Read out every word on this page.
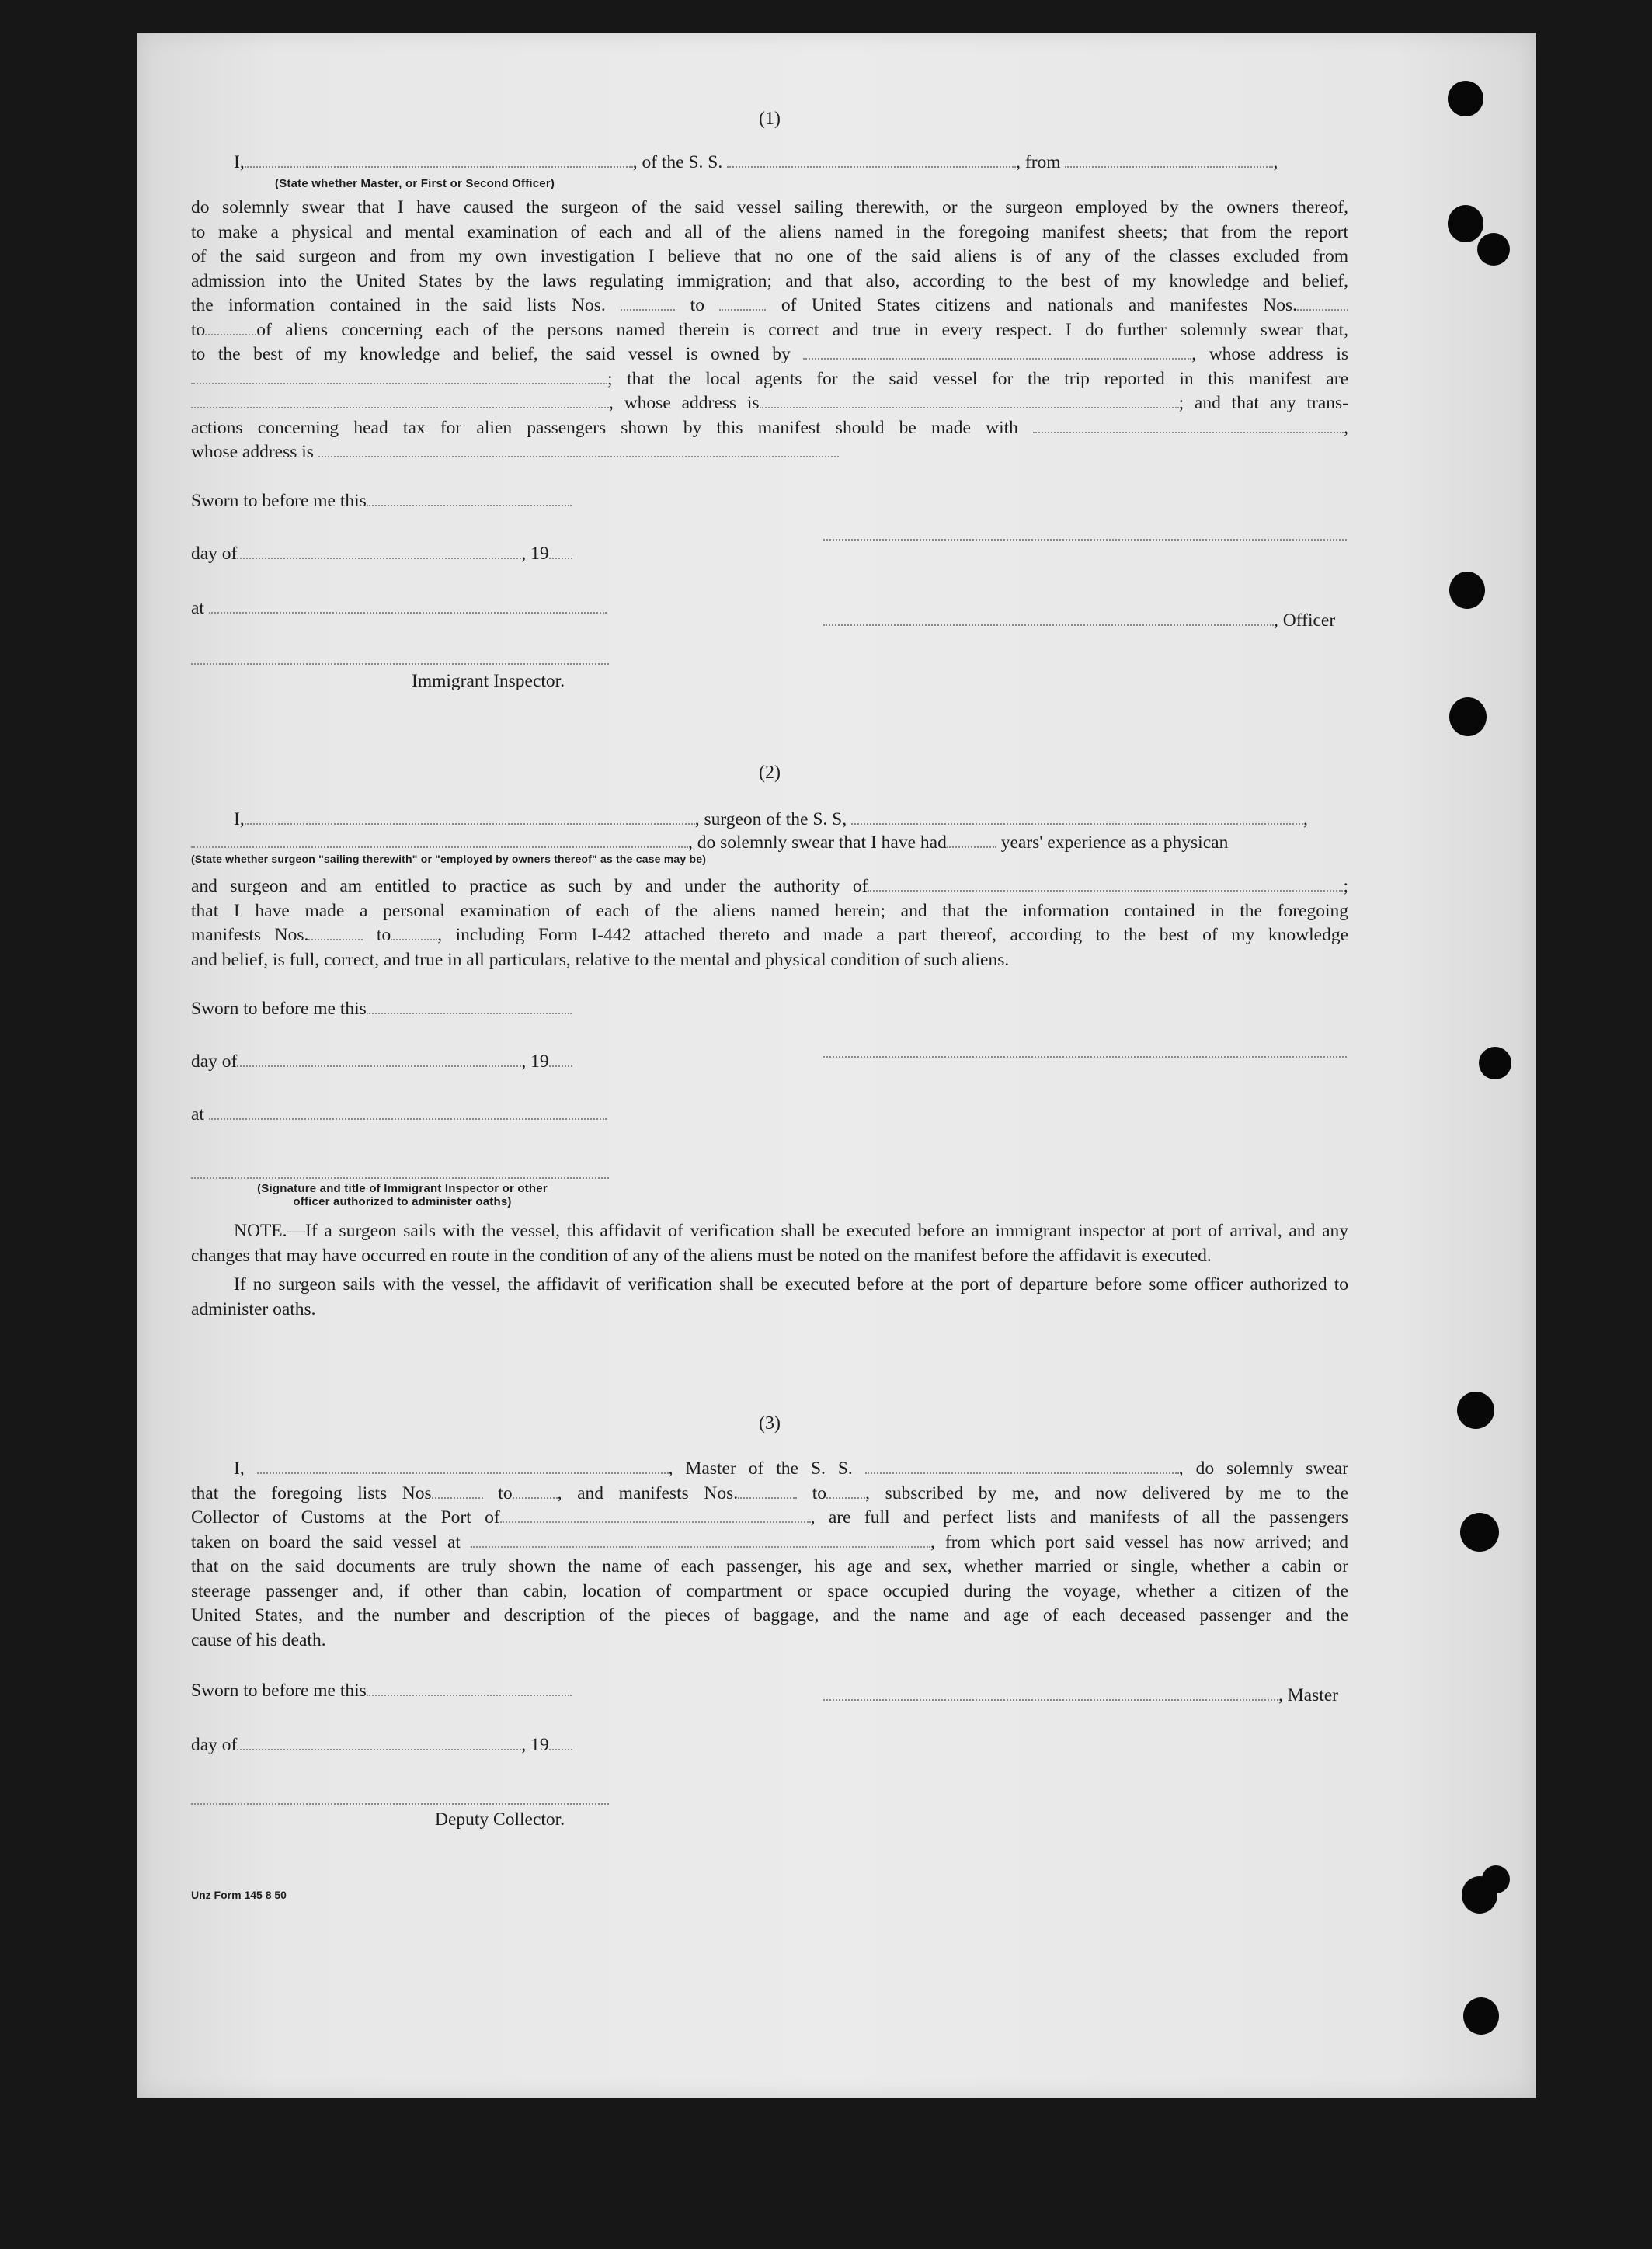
(1)
I,	, of the S. S.	, from	,
(State whether Master, or First or Second Officer)
do solemnly swear that I have caused the surgeon of the said vessel sailing therewith, or the surgeon employed by the owners thereof,
to make a physical and mental examination of each and all of the aliens named in the foregoing manifest sheets; that from the report
of the said surgeon and from my own investigation I believe that no one of the said aliens is of any of the classes excluded from
admission into the United States by the laws regulating immigration; and that also, according to the best of my knowledge and belief,
the information contained in the said lists Nos.	to	of United States citizens and nationals and manifestes Nos.
to	of aliens concerning each of the persons named therein is correct and true in every respect. I do further solemnly swear that,
to the best of my knowledge and belief, the said vessel is owned by	, whose address is
; that the local agents for the said vessel for the trip reported in this manifest are
, whose address is	; and that any trans-
actions concerning head tax for alien passengers shown by this manifest should be made with	,
whose address is
Sworn to before me this
day of	, 19
at
, Officer
Immigrant Inspector.
(2)
I,	, surgeon of the S. S,	,
, do solemnly swear that I have had	years' experience as a physican
(State whether surgeon "sailing therewith" or "employed by owners thereof" as the case may be)
and surgeon and am entitled to practice as such by and under the authority of	;
that I have made a personal examination of each of the aliens named herein; and that the information contained in the foregoing
manifests Nos.	to	, including Form I-442 attached thereto and made a part thereof, according to the best of my knowledge
and belief, is full, correct, and true in all particulars, relative to the mental and physical condition of such aliens.
Sworn to before me this
day of	, 19
at
(Signature and title of Immigrant Inspector or other
officer authorized to administer oaths)
NOTE.—If a surgeon sails with the vessel, this affidavit of verification shall be executed before an immigrant inspector at port of arrival, and any changes that may have occurred en route in the condition of any of the aliens must be noted on the manifest before the affidavit is executed.
If no surgeon sails with the vessel, the affidavit of verification shall be executed before at the port of departure before some officer authorized to administer oaths.
(3)
I,	, Master of the S. S.	, do solemnly swear
that the foregoing lists Nos	to , and manifests Nos.	to , subscribed by me, and now delivered by me to the
Collector of Customs at the Port of	, are full and perfect lists and manifests of all the passengers
taken on board the said vessel at	, from which port said vessel has now arrived; and
that on the said documents are truly shown the name of each passenger, his age and sex, whether married or single, whether a cabin or
steerage passenger and, if other than cabin, location of compartment or space occupied during the voyage, whether a citizen of the
United States, and the number and description of the pieces of baggage, and the name and age of each deceased passenger and the
cause of his death.
Sworn to before me this	, Master
day of	, 19
Deputy Collector.
Unz Form 145 8 50
